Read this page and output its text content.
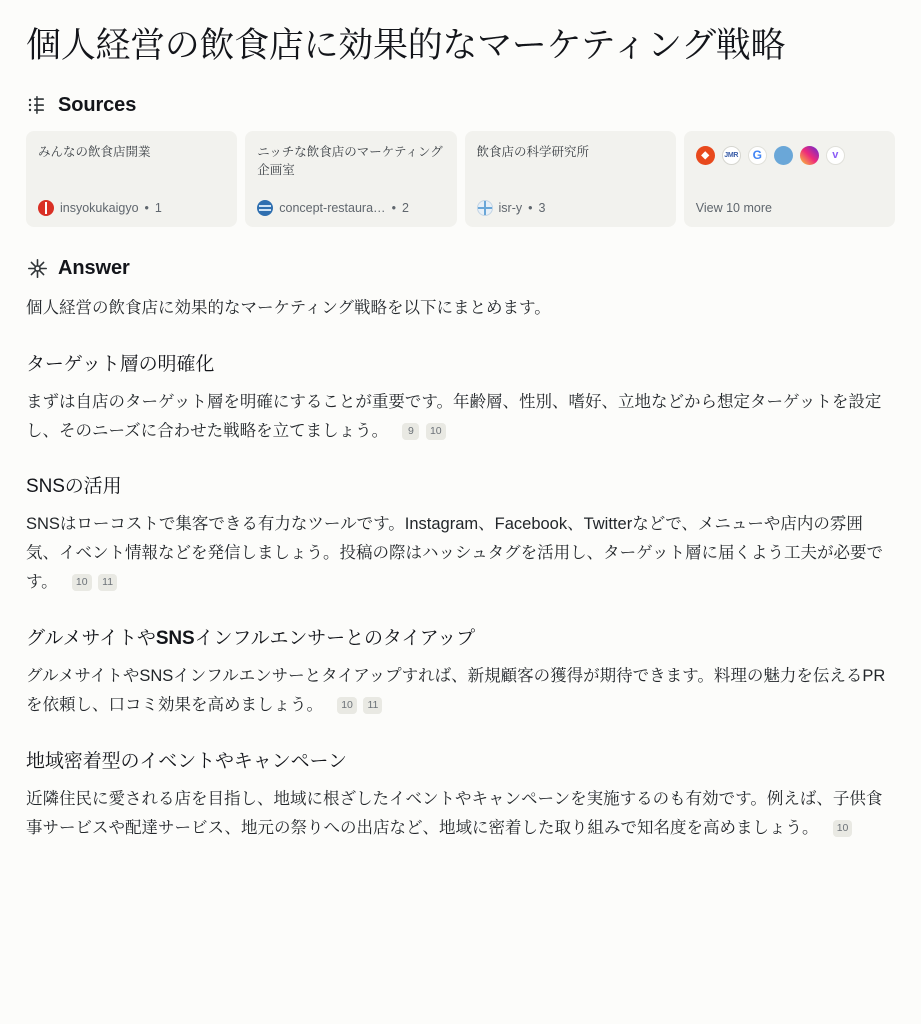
個人経営の飲食店に効果的なマーケティング戦略
Sources
みんなの飲食店開業
insyokukaigyo • 1
ニッチな飲食店のマーケティング企画室
concept-restaura… • 2
飲食店の科学研究所
isr-y • 3
◆	JMR	G	v
View 10 more
Answer

個人経営の飲食店に効果的なマーケティング戦略を以下にまとめます。

ターゲット層の明確化

まずは自店のターゲット層を明確にすることが重要です。年齢層、性別、嗜好、立地などから想定ターゲットを設定し、そのニーズに合わせた戦略を立てましょう。 9 10

SNSの活用

SNSはローコストで集客できる有力なツールです。Instagram、Facebook、Twitterなどで、メニューや店内の雰囲気、イベント情報などを発信しましょう。投稿の際はハッシュタグを活用し、ターゲット層に届くよう工夫が必要です。 10 11

グルメサイトやSNSインフルエンサーとのタイアップ

グルメサイトやSNSインフルエンサーとタイアップすれば、新規顧客の獲得が期待できます。料理の魅力を伝えるPRを依頼し、口コミ効果を高めましょう。 10 11

地域密着型のイベントやキャンペーン

近隣住民に愛される店を目指し、地域に根ざしたイベントやキャンペーンを実施するのも有効です。例えば、子供食事サービスや配達サービス、地元の祭りへの出店など、地域に密着した取り組みで知名度を高めましょう。 10
